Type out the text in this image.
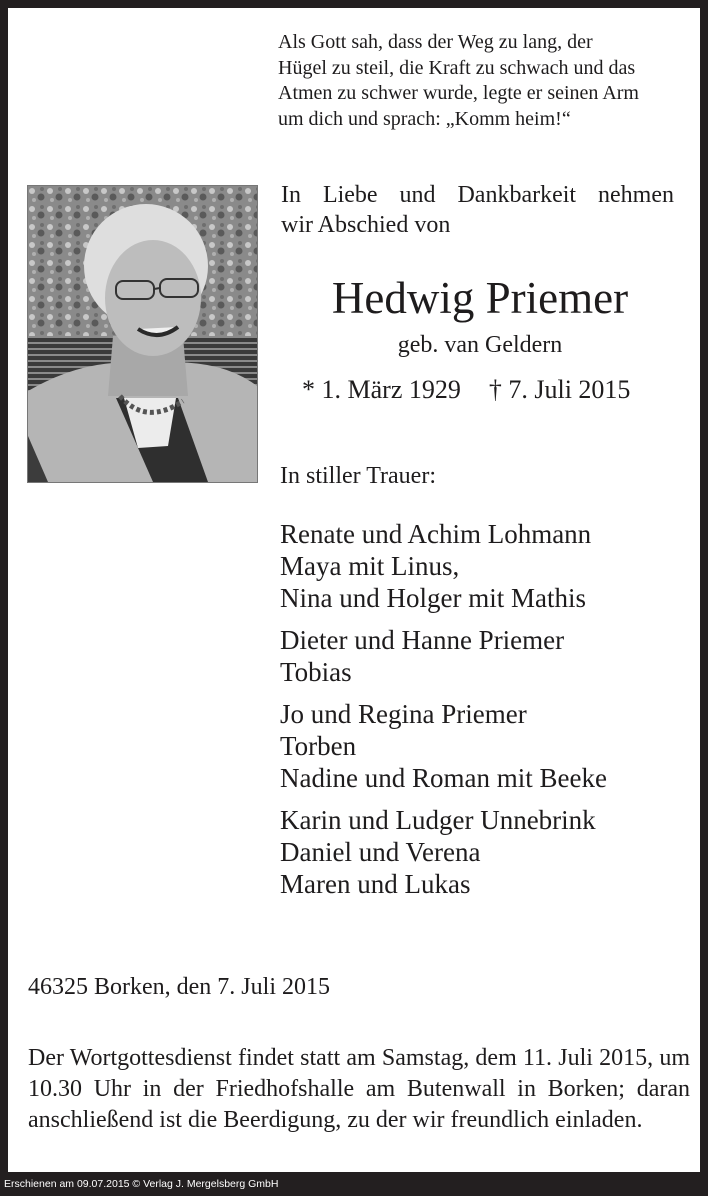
Als Gott sah, dass der Weg zu lang, der
Hügel zu steil, die Kraft zu schwach und das
Atmen zu schwer wurde, legte er seinen Arm
um dich und sprach: „Komm heim!“
In Liebe und Dankbarkeit nehmen
wir Abschied von
Hedwig Priemer
geb. van Geldern
* 1. März 1929 † 7. Juli 2015
In stiller Trauer:
Renate und Achim Lohmann
Maya mit Linus,
Nina und Holger mit Mathis
Dieter und Hanne Priemer
Tobias
Jo und Regina Priemer
Torben
Nadine und Roman mit Beeke
Karin und Ludger Unnebrink
Daniel und Verena
Maren und Lukas
46325 Borken, den 7. Juli 2015
Der Wortgottesdienst findet statt am Samstag, dem 11. Juli 2015, um 10.30 Uhr in der Friedhofshalle am Butenwall in Borken; daran anschließend ist die Beerdigung, zu der wir freundlich einladen.
Erschienen am 09.07.2015 © Verlag J. Mergelsberg GmbH
